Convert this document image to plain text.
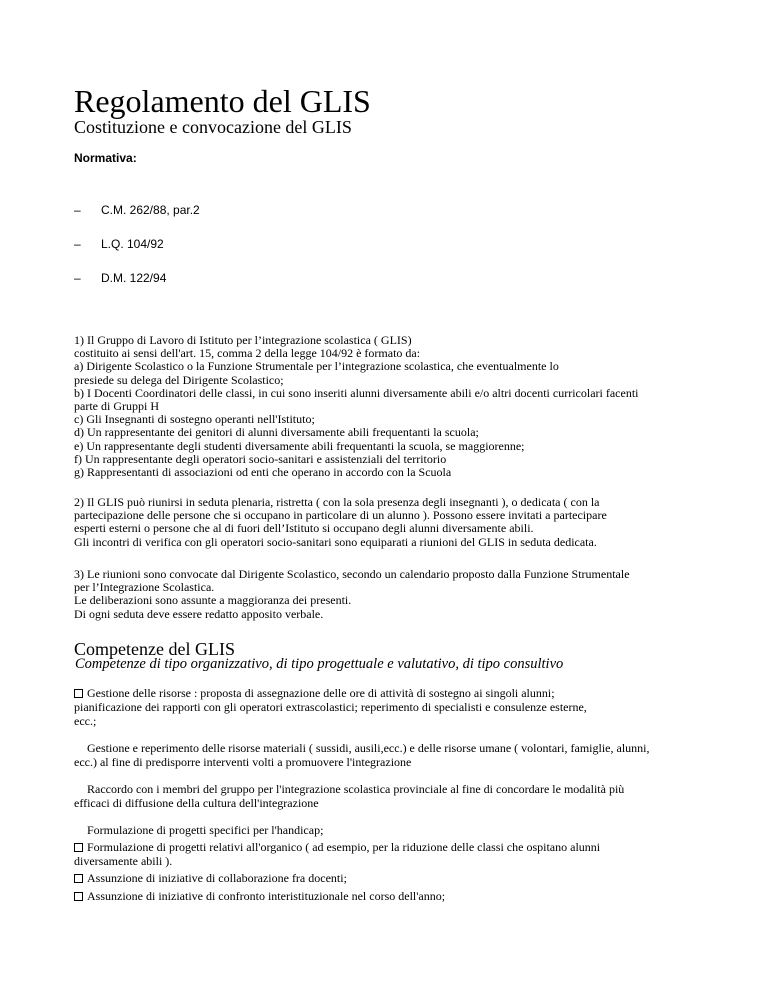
Regolamento del GLIS
Costituzione e convocazione del GLIS
Normativa:
– C.M. 262/88, par.2
– L.Q. 104/92
– D.M. 122/94
1) Il Gruppo di Lavoro di Istituto per l’integrazione scolastica ( GLIS)
costituito ai sensi dell'art. 15, comma 2 della legge 104/92 è formato da:
a) Dirigente Scolastico o la Funzione Strumentale per l’integrazione scolastica, che eventualmente lo
presiede su delega del Dirigente Scolastico;
b) I Docenti Coordinatori delle classi, in cui sono inseriti alunni diversamente abili e/o altri docenti curricolari facenti
parte di Gruppi H
c) Gli Insegnanti di sostegno operanti nell'Istituto;
d) Un rappresentante dei genitori di alunni diversamente abili frequentanti la scuola;
e) Un rappresentante degli studenti diversamente abili frequentanti la scuola, se maggiorenne;
f) Un rappresentante degli operatori socio-sanitari e assistenziali del territorio
g) Rappresentanti di associazioni od enti che operano in accordo con la Scuola
2) Il GLIS può riunirsi in seduta plenaria, ristretta ( con la sola presenza degli insegnanti ), o dedicata ( con la
partecipazione delle persone che si occupano in particolare di un alunno ). Possono essere invitati a partecipare
esperti esterni o persone che al di fuori dell’Istituto si occupano degli alunni diversamente abili.
Gli incontri di verifica con gli operatori socio-sanitari sono equiparati a riunioni del GLIS in seduta dedicata.
3) Le riunioni sono convocate dal Dirigente Scolastico, secondo un calendario proposto dalla Funzione Strumentale
per l’Integrazione Scolastica.
Le deliberazioni sono assunte a maggioranza dei presenti.
Di ogni seduta deve essere redatto apposito verbale.
Competenze del GLIS
Competenze di tipo organizzativo, di tipo progettuale e valutativo, di tipo consultivo
Gestione delle risorse : proposta di assegnazione delle ore di attività di sostegno ai singoli alunni;
pianificazione dei rapporti con gli operatori extrascolastici; reperimento di specialisti e consulenze esterne,
ecc.;
Gestione e reperimento delle risorse materiali ( sussidi, ausili,ecc.) e delle risorse umane ( volontari, famiglie, alunni,
ecc.) al fine di predisporre interventi volti a promuovere l'integrazione
Raccordo con i membri del gruppo per l'integrazione scolastica provinciale al fine di concordare le modalità più
efficaci di diffusione della cultura dell'integrazione
Formulazione di progetti specifici per l'handicap;
Formulazione di progetti relativi all'organico ( ad esempio, per la riduzione delle classi che ospitano alunni
diversamente abili ).
Assunzione di iniziative di collaborazione fra docenti;
Assunzione di iniziative di confronto interistituzionale nel corso dell'anno;
